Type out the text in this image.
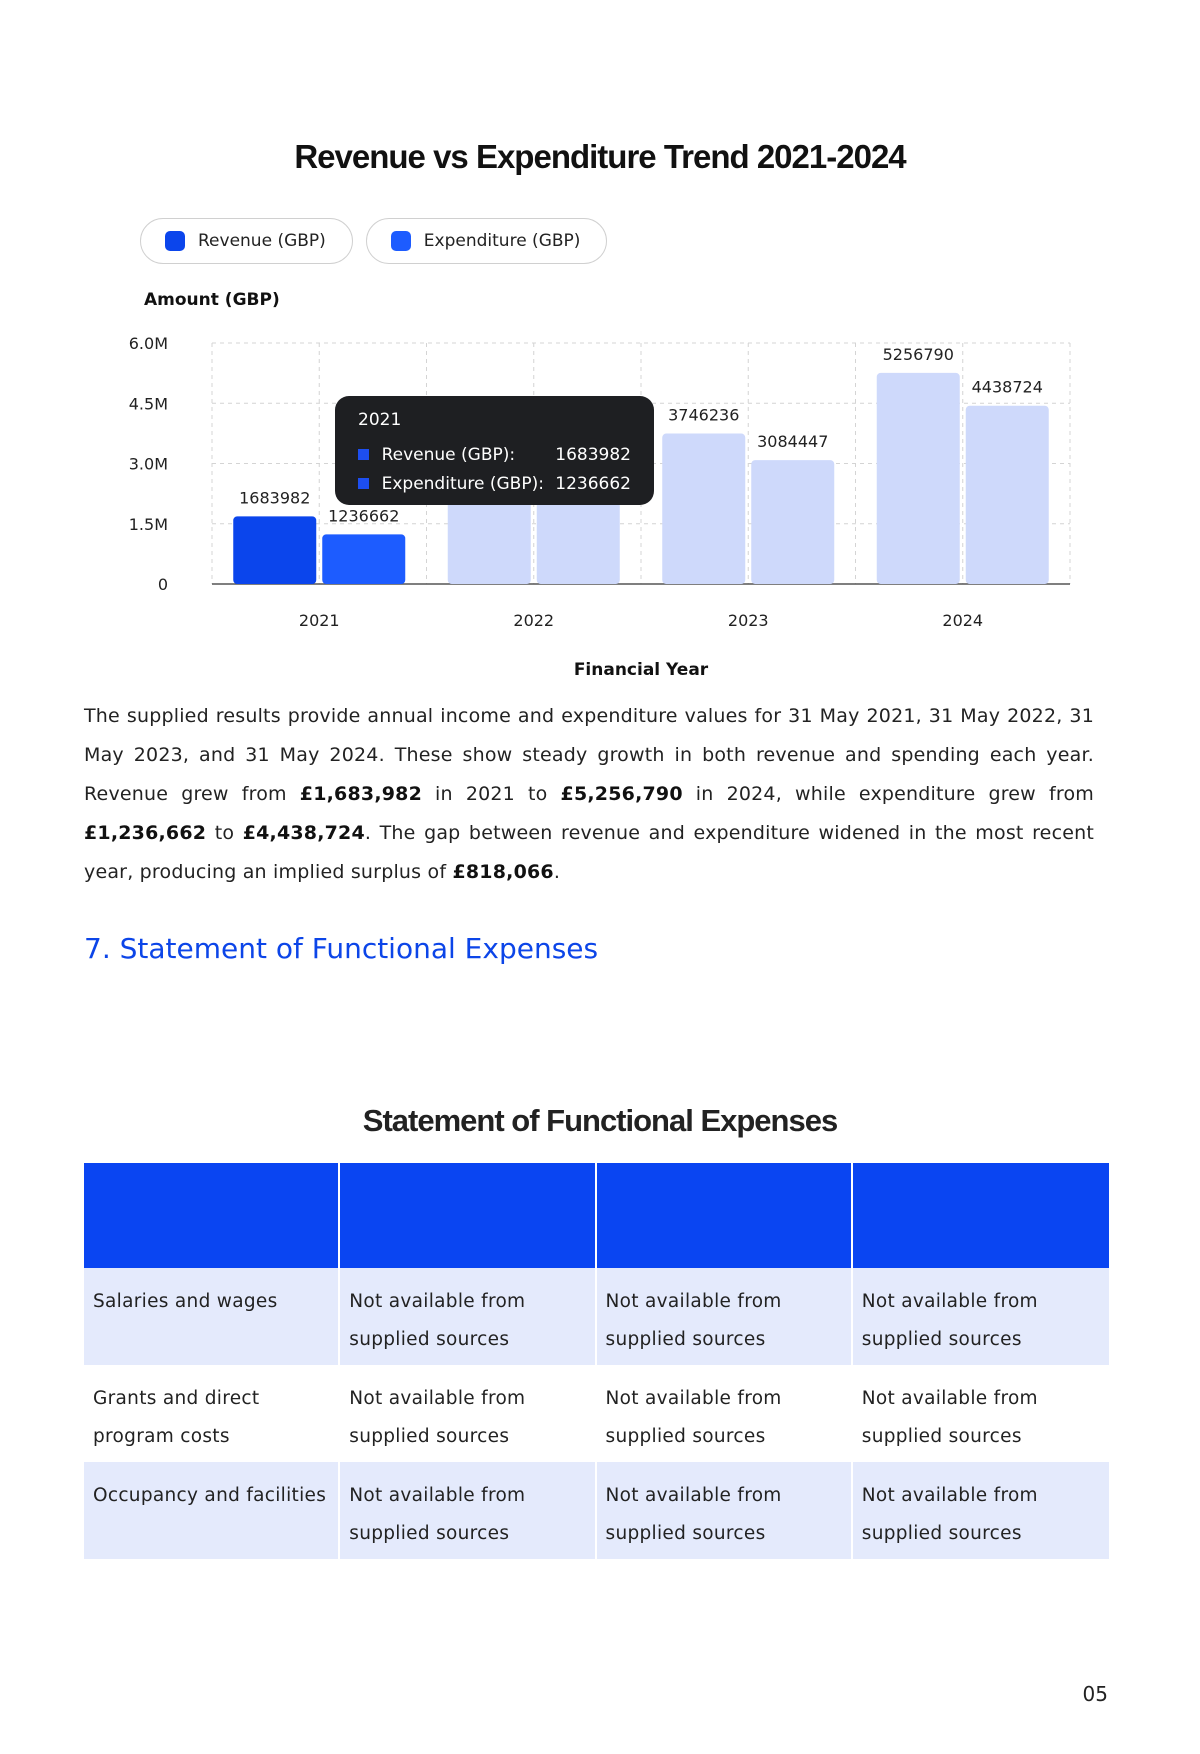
Revenue vs Expenditure Trend 2021-2024
Revenue (GBP)	Expenditure (GBP)
0
1.5M
3.0M
4.5M
6.0M
1683982
1236662
2021	2022
3746236
3084447
2023
5256790
4438724
2024
Amount (GBP)
Financial Year
2021
Revenue (GBP):	1683982
Expenditure (GBP): 1236662
The supplied results provide annual income and expenditure values for 31 May 2021, 31 May 2022, 31 May 2023, and 31 May 2024. These show steady growth in both revenue and spending each year. Revenue grew from £1,683,982 in 2021 to £5,256,790 in 2024, while expenditure grew from £1,236,662 to £4,438,724. The gap between revenue and expenditure widened in the most recent year, producing an implied surplus of £818,066.
7. Statement of Functional Expenses
Statement of Functional Expenses

Salaries and wages	Not available from supplied sources	Not available from supplied sources	Not available from supplied sources
Grants and direct program costs	Not available from supplied sources	Not available from supplied sources	Not available from supplied sources
Occupancy and facilities	Not available from supplied sources	Not available from supplied sources	Not available from supplied sources
05
